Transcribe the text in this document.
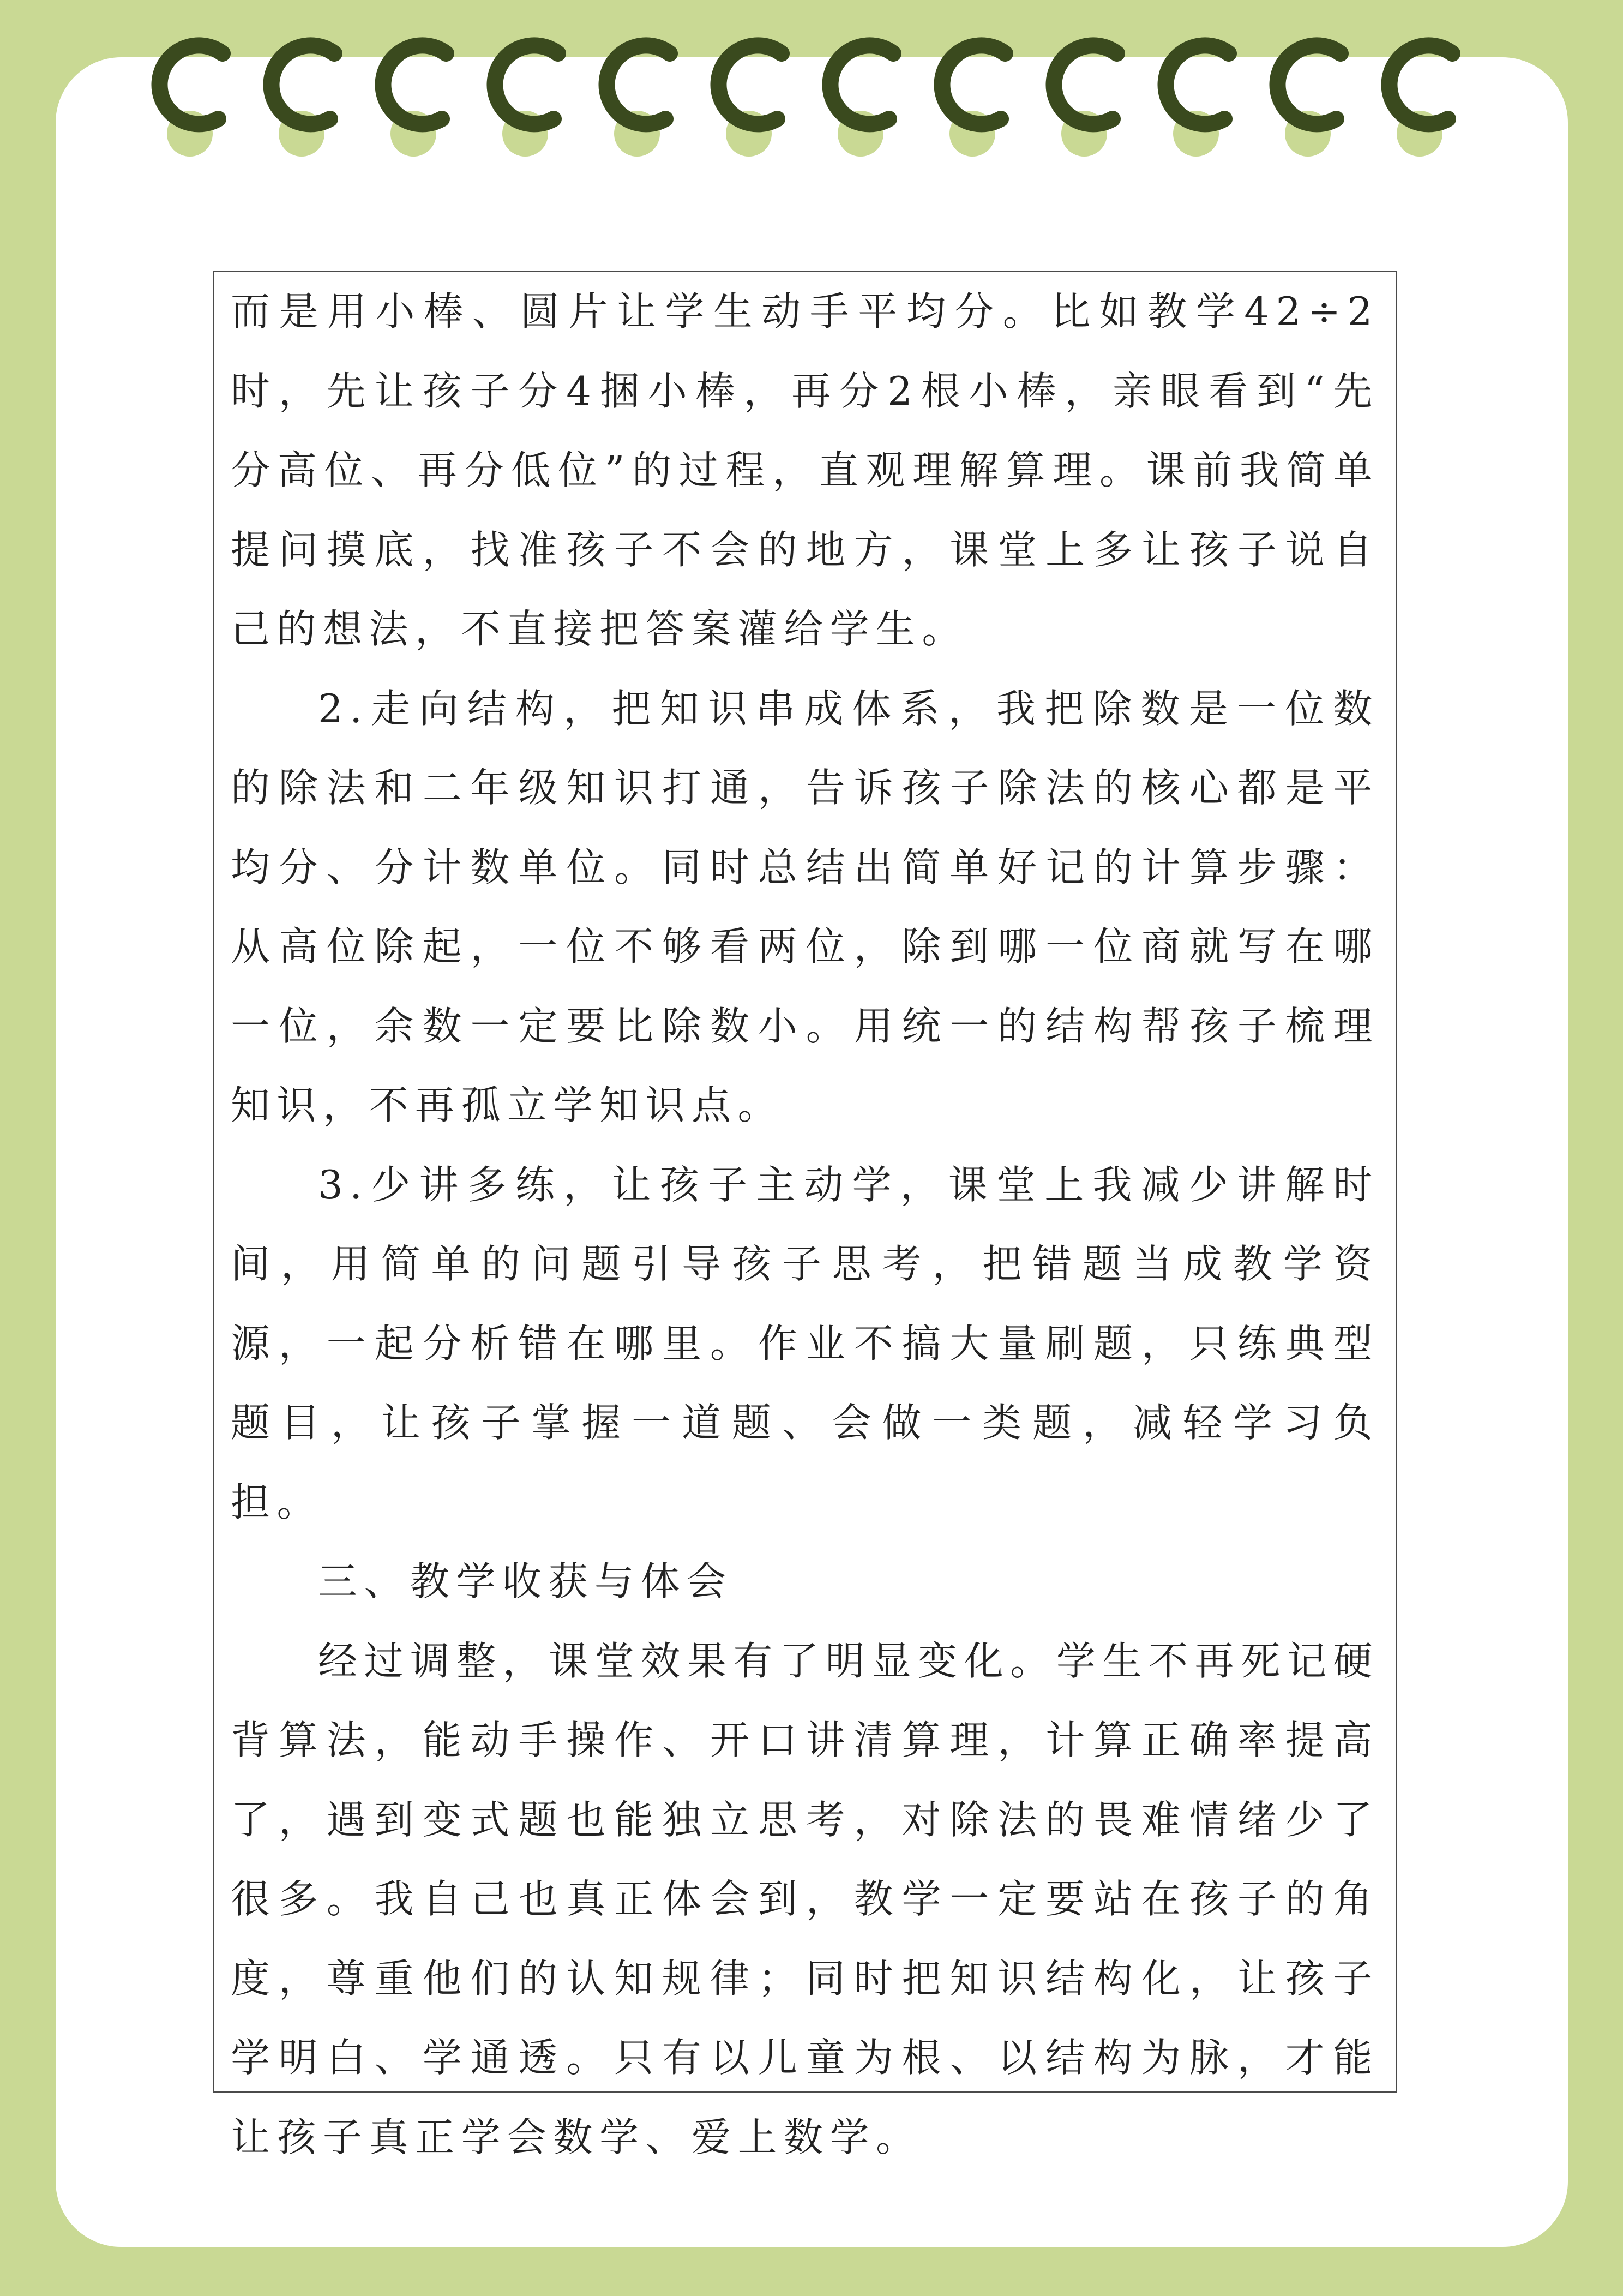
而是用小棒、圆片让学生动手平均分。比如教学42÷2时，先让孩子分4捆小棒，再分2根小棒，亲眼看到“先分高位、再分低位”的过程，直观理解算理。课前我简单提问摸底，找准孩子不会的地方，课堂上多让孩子说自己的想法，不直接把答案灌给学生。

2.走向结构，把知识串成体系，我把除数是一位数的除法和二年级知识打通，告诉孩子除法的核心都是平均分、分计数单位。同时总结出简单好记的计算步骤：从高位除起，一位不够看两位，除到哪一位商就写在哪一位，余数一定要比除数小。用统一的结构帮孩子梳理知识，不再孤立学知识点。

3.少讲多练，让孩子主动学，课堂上我减少讲解时间，用简单的问题引导孩子思考，把错题当成教学资源，一起分析错在哪里。作业不搞大量刷题，只练典型题目，让孩子掌握一道题、会做一类题，减轻学习负担。

三、教学收获与体会

经过调整，课堂效果有了明显变化。学生不再死记硬背算法，能动手操作、开口讲清算理，计算正确率提高了，遇到变式题也能独立思考，对除法的畏难情绪少了很多。我自己也真正体会到，教学一定要站在孩子的角度，尊重他们的认知规律；同时把知识结构化，让孩子学明白、学通透。只有以儿童为根、以结构为脉，才能让孩子真正学会数学、爱上数学。
